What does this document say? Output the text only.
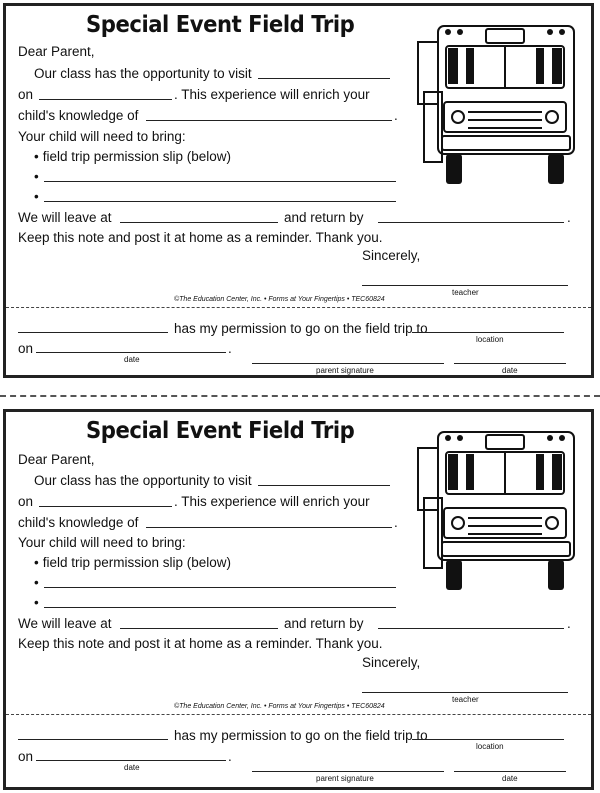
Special Event Field Trip
Dear Parent,
Our class has the opportunity to visit
on	. This experience will enrich your
child's knowledge of	.
Your child will need to bring:
• field trip permission slip (below)
•
•
We will leave at	and return by	.
Keep this note and post it at home as a reminder. Thank you.
Sincerely,
teacher
©The Education Center, Inc. • Forms at Your Fingertips • TEC60824
has my permission to go on the field trip to
location
on	.
date
parent signature	date
Special Event Field Trip
Dear Parent,
Our class has the opportunity to visit
on	. This experience will enrich your
child's knowledge of	.
Your child will need to bring:
• field trip permission slip (below)
•
•
We will leave at	and return by	.
Keep this note and post it at home as a reminder. Thank you.
Sincerely,
teacher
©The Education Center, Inc. • Forms at Your Fingertips • TEC60824
has my permission to go on the field trip to
location
on	.
date
parent signature	date
